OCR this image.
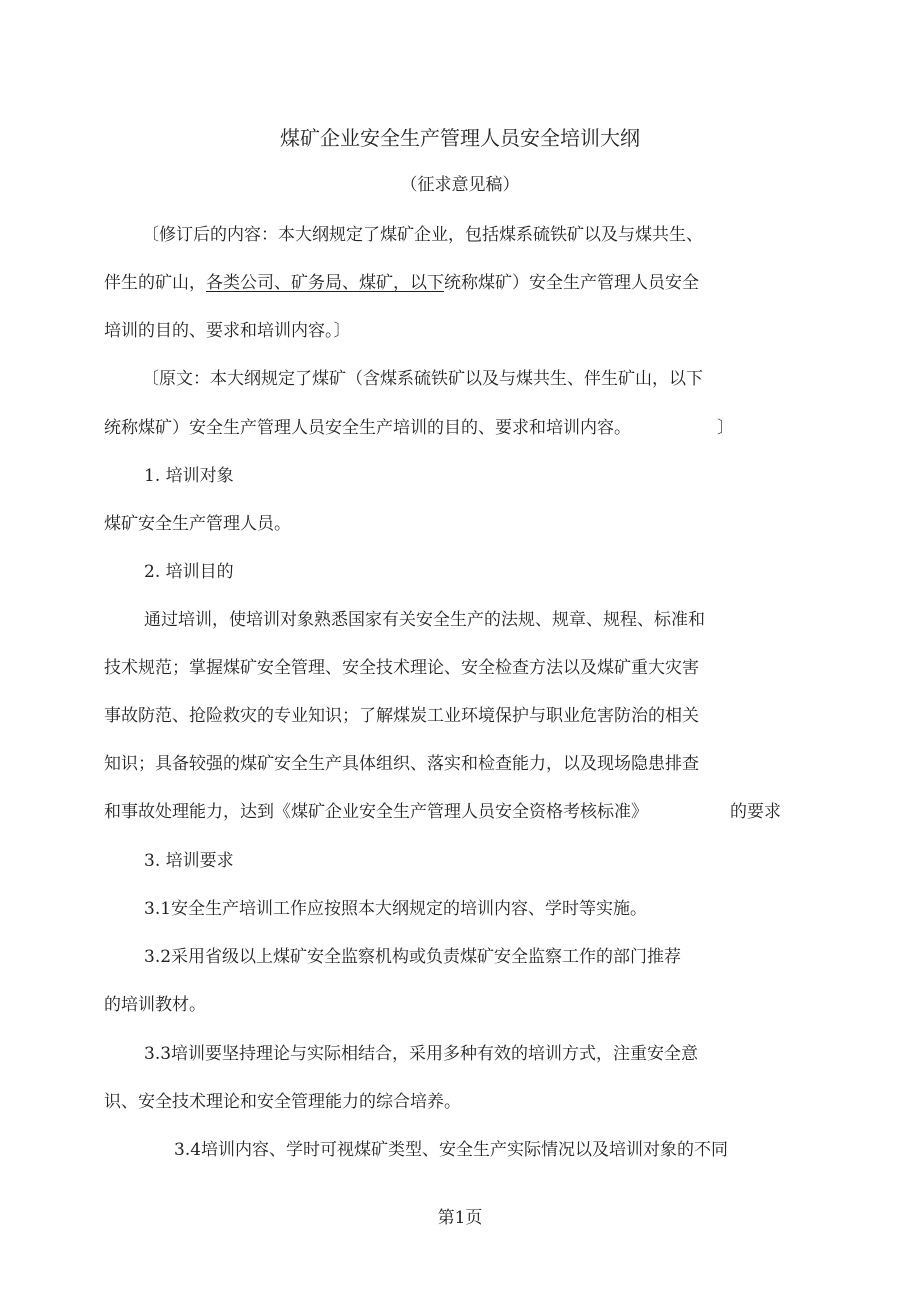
煤矿企业安全生产管理人员安全培训大纲
（征求意见稿）
〔修订后的内容：本大纲规定了煤矿企业，包括煤系硫铁矿以及与煤共生、
伴生的矿山，各类公司、矿务局、煤矿，以下统称煤矿）安全生产管理人员安全
培训的目的、要求和培训内容。〕
〔原文：本大纲规定了煤矿（含煤系硫铁矿以及与煤共生、伴生矿山，以下
统称煤矿）安全生产管理人员安全生产培训的目的、要求和培训内容。	〕
1. 培训对象
煤矿安全生产管理人员。
2. 培训目的
通过培训，使培训对象熟悉国家有关安全生产的法规、规章、规程、标准和
技术规范；掌握煤矿安全管理、安全技术理论、安全检查方法以及煤矿重大灾害
事故防范、抢险救灾的专业知识；了解煤炭工业环境保护与职业危害防治的相关
知识；具备较强的煤矿安全生产具体组织、落实和检查能力，以及现场隐患排查
和事故处理能力，达到《煤矿企业安全生产管理人员安全资格考核标准》	的要求
3. 培训要求
3.1安全生产培训工作应按照本大纲规定的培训内容、学时等实施。
3.2采用省级以上煤矿安全监察机构或负责煤矿安全监察工作的部门推荐
的培训教材。
3.3培训要坚持理论与实际相结合，采用多种有效的培训方式，注重安全意
识、安全技术理论和安全管理能力的综合培养。
3.4培训内容、学时可视煤矿类型、安全生产实际情况以及培训对象的不同
第1页
